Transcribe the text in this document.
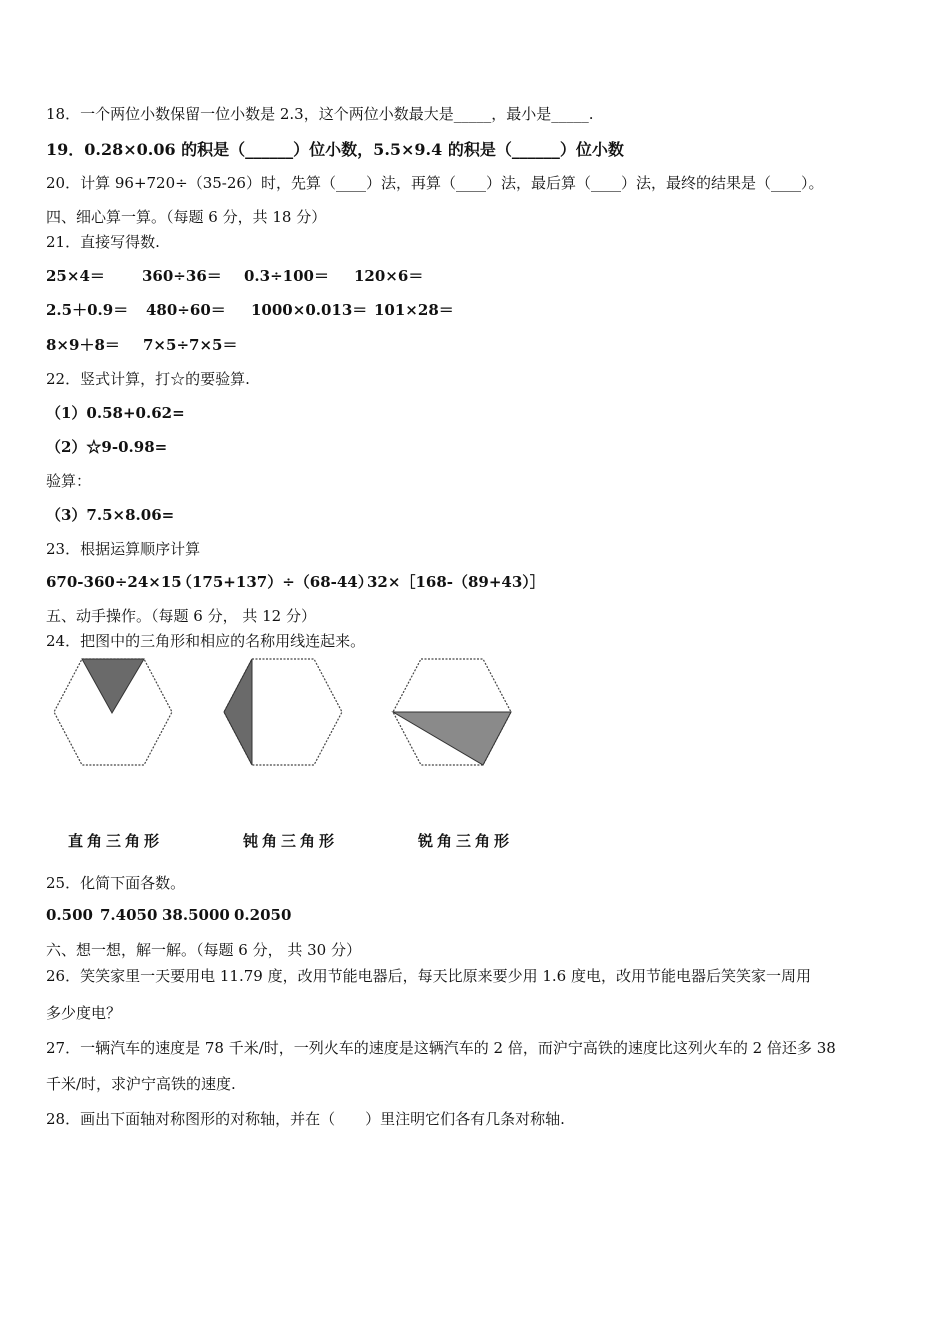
18．一个两位小数保留一位小数是 2.3，这个两位小数最大是_____，最小是_____.
19．0.28×0.06 的积是（______）位小数，5.5×9.4 的积是（______）位小数
20．计算 96+720÷（35-26）时，先算（____）法，再算（____）法，最后算（____）法，最终的结果是（____）。
四、细心算一算。（每题 6 分，共 18 分）
21．直接写得数.
25×4＝ 360÷36＝ 0.3÷100＝ 120×6＝
2.5＋0.9＝ 480÷60＝ 1000×0.013＝ 101×28＝
8×9＋8＝ 7×5÷7×5＝
22．竖式计算，打☆的要验算.
（1）0.58+0.62=
（2）☆9-0.98=
验算：
（3）7.5×8.06=
23．根据运算顺序计算
670-360÷24×15（175+137）÷（68-44）32×［168-（89+43）］
五、动手操作。（每题 6 分， 共 12 分）
24．把图中的三角形和相应的名称用线连起来。
直角三角形	钝角三角形	锐角三角形
25．化简下面各数。
0.500 7.4050 38.5000 0.2050
六、想一想，解一解。（每题 6 分， 共 30 分）
26．笑笑家里一天要用电 11.79 度，改用节能电器后，每天比原来要少用 1.6 度电，改用节能电器后笑笑家一周用
多少度电？
27．一辆汽车的速度是 78 千米/时，一列火车的速度是这辆汽车的 2 倍，而沪宁高铁的速度比这列火车的 2 倍还多 38
千米/时，求沪宁高铁的速度.
28．画出下面轴对称图形的对称轴，并在（　　）里注明它们各有几条对称轴.
